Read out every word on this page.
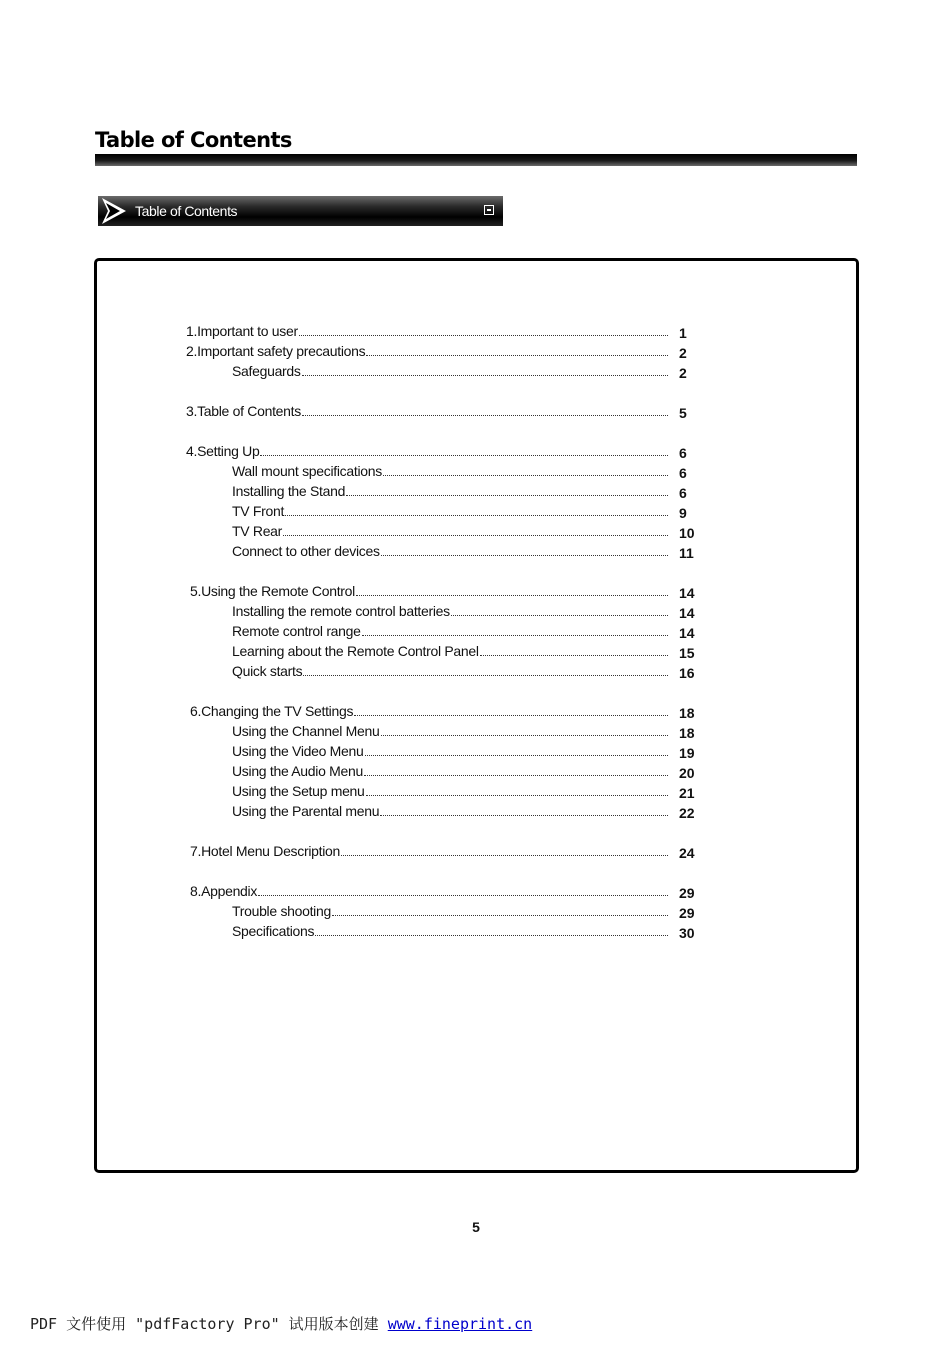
Table of Contents
Table of Contents
1.Important to user	1
2.Important safety precautions	2
Safeguards	2
3.Table of Contents	5
4.Setting Up	6
Wall mount specifications	6
Installing the Stand	6
TV Front	9
TV Rear	10
Connect to other devices	11
5.Using the Remote Control	14
Installing the remote control batteries	14
Remote control range	14
Learning about the Remote Control Panel	15
Quick starts	16
6.Changing the TV Settings	18
Using the Channel Menu	18
Using the Video Menu	19
Using the Audio Menu	20
Using the Setup menu	21
Using the Parental menu	22
7.Hotel Menu Description	24
8.Appendix	29
Trouble shooting	29
Specifications	30
5
PDF 文件使用 "pdfFactory Pro" 试用版本创建 www.fineprint.cn
